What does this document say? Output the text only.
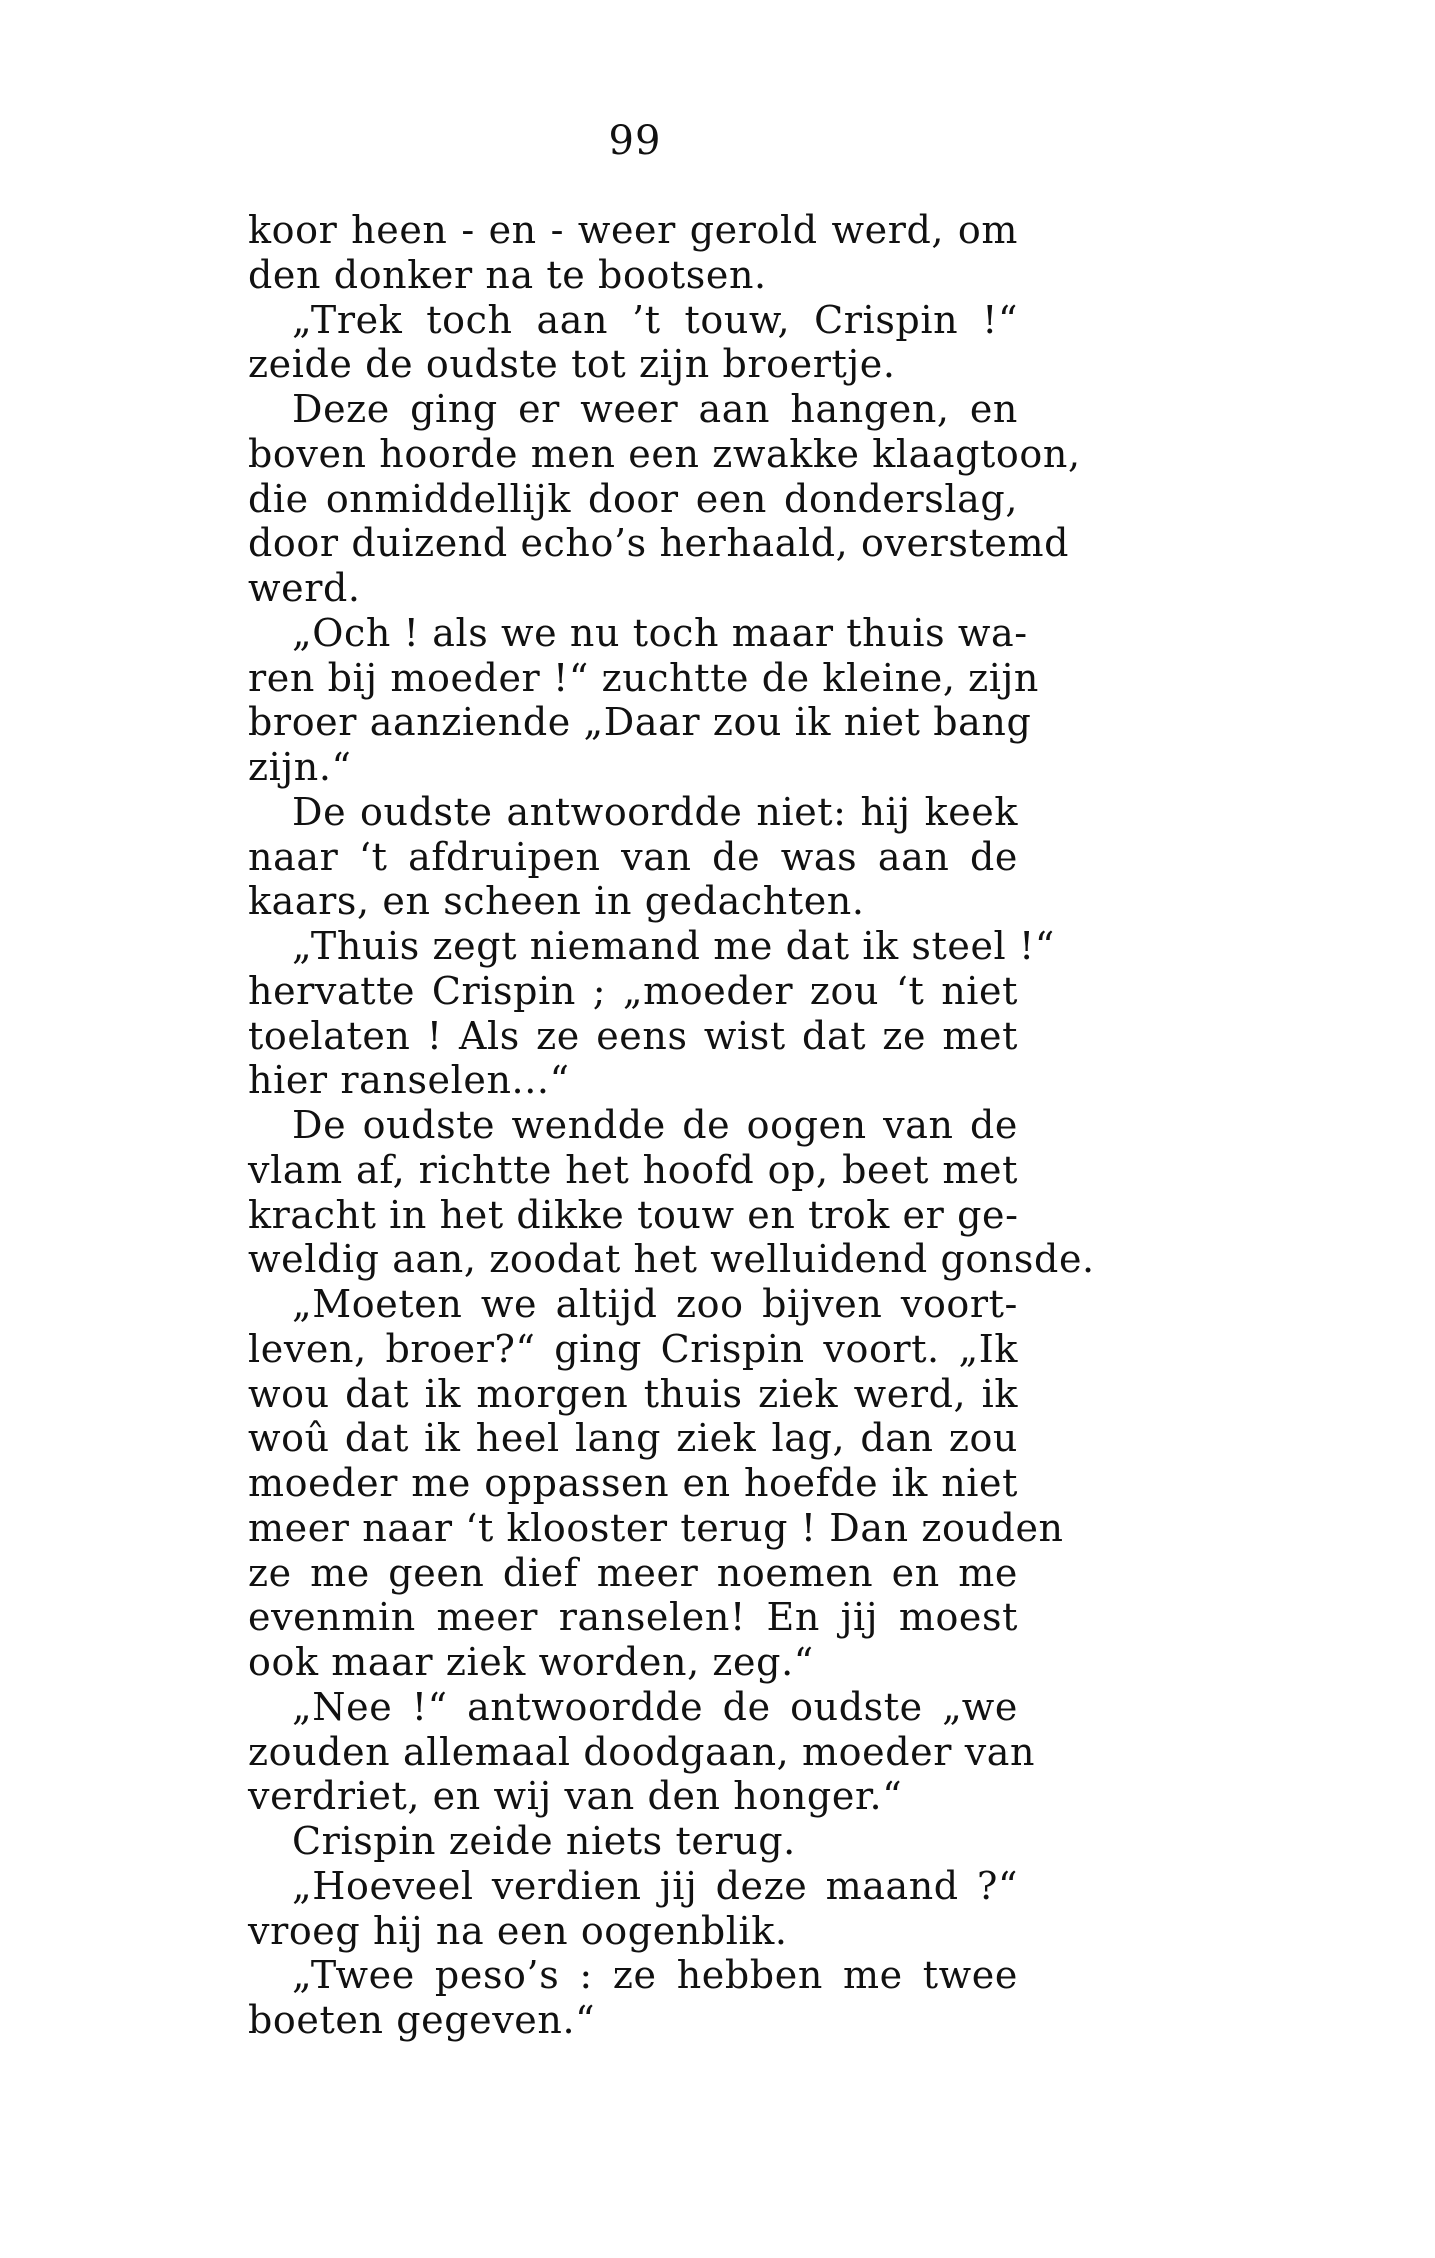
99
koor heen - en - weer gerold werd, om
den donker na te bootsen.
„Trek toch aan ’t touw, Crispin !“
zeide de oudste tot zijn broertje.
Deze ging er weer aan hangen, en
boven hoorde men een zwakke klaagtoon,
die onmiddellijk door een donderslag,
door duizend echo’s herhaald, overstemd
werd.
„Och ! als we nu toch maar thuis wa-
ren bij moeder !“ zuchtte de kleine, zijn
broer aanziende „Daar zou ik niet bang
zijn.“
De oudste antwoordde niet: hij keek
naar ‘t afdruipen van de was aan de
kaars, en scheen in gedachten.
„Thuis zegt niemand me dat ik steel !“
hervatte Crispin ; „moeder zou ‘t niet
toelaten ! Als ze eens wist dat ze met
hier ranselen...“
De oudste wendde de oogen van de
vlam af, richtte het hoofd op, beet met
kracht in het dikke touw en trok er ge-
weldig aan, zoodat het welluidend gonsde.
„Moeten we altijd zoo bijven voort-
leven, broer?“ ging Crispin voort. „Ik
wou dat ik morgen thuis ziek werd, ik
woû dat ik heel lang ziek lag, dan zou
moeder me oppassen en hoefde ik niet
meer naar ‘t klooster terug ! Dan zouden
ze me geen dief meer noemen en me
evenmin meer ranselen! En jij moest
ook maar ziek worden, zeg.“
„Nee !“ antwoordde de oudste „we
zouden allemaal doodgaan, moeder van
verdriet, en wij van den honger.“
Crispin zeide niets terug.
„Hoeveel verdien jij deze maand ?“
vroeg hij na een oogenblik.
„Twee peso’s : ze hebben me twee
boeten gegeven.“
